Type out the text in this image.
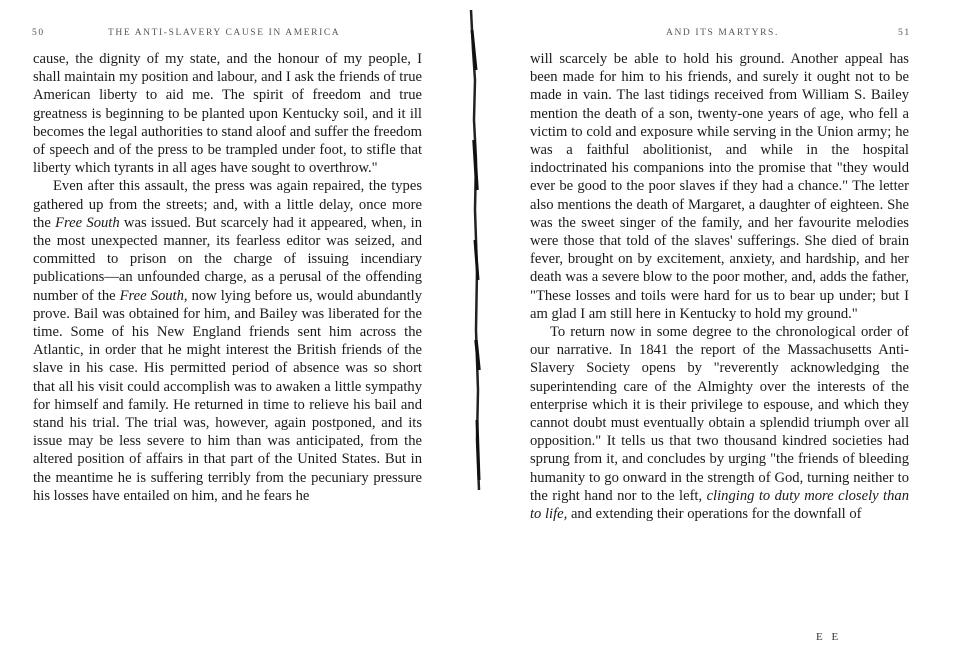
50	THE ANTI-SLAVERY CAUSE IN AMERICA

cause, the dignity of my state, and the honour of my people, I shall maintain my position and labour, and I ask the friends of true American liberty to aid me. The spirit of freedom and true greatness is beginning to be planted upon Kentucky soil, and it ill becomes the legal authorities to stand aloof and suffer the freedom of speech and of the press to be trampled under foot, to stifle that liberty which tyrants in all ages have sought to overthrow."

Even after this assault, the press was again repaired, the types gathered up from the streets; and, with a little delay, once more the Free South was issued. But scarcely had it appeared, when, in the most unexpected manner, its fearless editor was seized, and committed to prison on the charge of issuing incendiary publications—an unfounded charge, as a perusal of the offending number of the Free South, now lying before us, would abundantly prove. Bail was obtained for him, and Bailey was liberated for the time. Some of his New England friends sent him across the Atlantic, in order that he might interest the British friends of the slave in his case. His permitted period of absence was so short that all his visit could accomplish was to awaken a little sympathy for himself and family. He returned in time to relieve his bail and stand his trial. The trial was, however, again postponed, and its issue may be less severe to him than was anticipated, from the altered position of affairs in that part of the United States. But in the meantime he is suffering terribly from the pecuniary pressure his losses have entailed on him, and he fears he

AND ITS MARTYRS.	51

will scarcely be able to hold his ground. Another appeal has been made for him to his friends, and surely it ought not to be made in vain. The last tidings received from William S. Bailey mention the death of a son, twenty-one years of age, who fell a victim to cold and exposure while serving in the Union army; he was a faithful abolitionist, and while in the hospital indoctrinated his companions into the promise that "they would ever be good to the poor slaves if they had a chance." The letter also mentions the death of Margaret, a daughter of eighteen. She was the sweet singer of the family, and her favourite melodies were those that told of the slaves' sufferings. She died of brain fever, brought on by excitement, anxiety, and hardship, and her death was a severe blow to the poor mother, and, adds the father, "These losses and toils were hard for us to bear up under; but I am glad I am still here in Kentucky to hold my ground."

To return now in some degree to the chronological order of our narrative. In 1841 the report of the Massachusetts Anti-Slavery Society opens by "reverently acknowledging the superintending care of the Almighty over the interests of the enterprise which it is their privilege to espouse, and which they cannot doubt must eventually obtain a splendid triumph over all opposition." It tells us that two thousand kindred societies had sprung from it, and concludes by urging "the friends of bleeding humanity to go onward in the strength of God, turning neither to the right hand nor to the left, clinging to duty more closely than to life, and extending their operations for the downfall of

E E
